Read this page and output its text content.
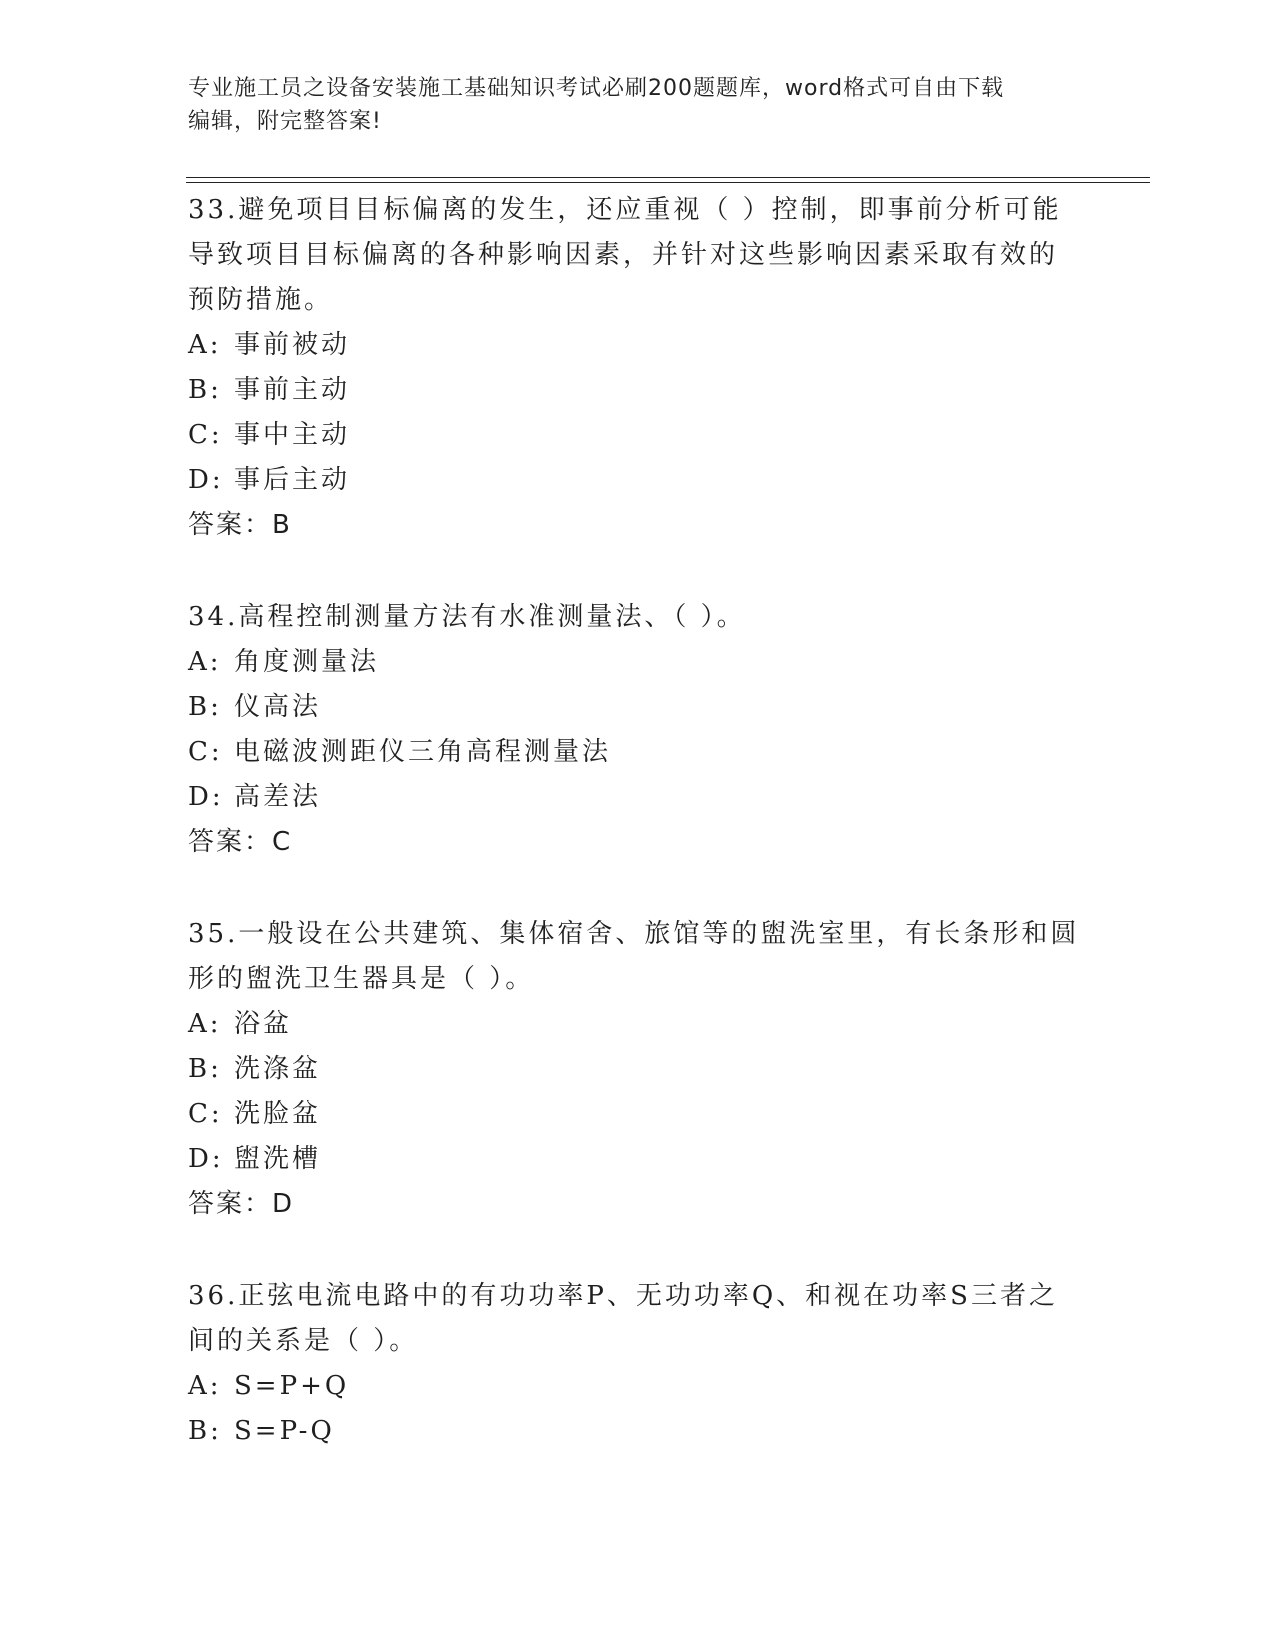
专业施工员之设备安装施工基础知识考试必刷200题题库，word格式可自由下载
编辑，附完整答案!
33.避免项目目标偏离的发生，还应重视（ ）控制，即事前分析可能
导致项目目标偏离的各种影响因素，并针对这些影响因素采取有效的
预防措施。
A: 事前被动
B: 事前主动
C: 事中主动
D: 事后主动
答案：B
34.高程控制测量方法有水准测量法、（ ）。
A: 角度测量法
B: 仪高法
C: 电磁波测距仪三角高程测量法
D: 高差法
答案：C
35.一般设在公共建筑、集体宿舍、旅馆等的盥洗室里，有长条形和圆
形的盥洗卫生器具是（ ）。
A: 浴盆
B: 洗涤盆
C: 洗脸盆
D: 盥洗槽
答案：D
36.正弦电流电路中的有功功率P、无功功率Q、和视在功率S三者之
间的关系是（ ）。
A: S=P+Q
B: S=P-Q
